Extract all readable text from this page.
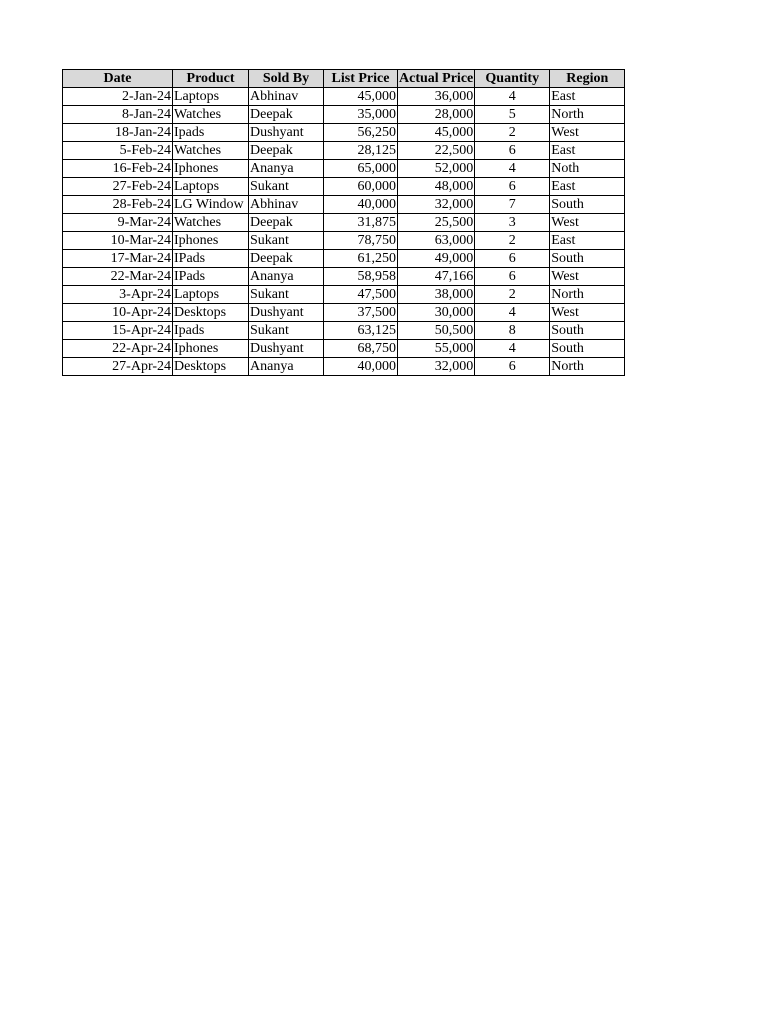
Date	Product	Sold By	List Price	Actual Price	Quantity	Region
2-Jan-24	Laptops	Abhinav	45,000	36,000	4	East
8-Jan-24	Watches	Deepak	35,000	28,000	5	North
18-Jan-24	Ipads	Dushyant	56,250	45,000	2	West
5-Feb-24	Watches	Deepak	28,125	22,500	6	East
16-Feb-24	Iphones	Ananya	65,000	52,000	4	Noth
27-Feb-24	Laptops	Sukant	60,000	48,000	6	East
28-Feb-24	LG Window	Abhinav	40,000	32,000	7	South
9-Mar-24	Watches	Deepak	31,875	25,500	3	West
10-Mar-24	Iphones	Sukant	78,750	63,000	2	East
17-Mar-24	IPads	Deepak	61,250	49,000	6	South
22-Mar-24	IPads	Ananya	58,958	47,166	6	West
3-Apr-24	Laptops	Sukant	47,500	38,000	2	North
10-Apr-24	Desktops	Dushyant	37,500	30,000	4	West
15-Apr-24	Ipads	Sukant	63,125	50,500	8	South
22-Apr-24	Iphones	Dushyant	68,750	55,000	4	South
27-Apr-24	Desktops	Ananya	40,000	32,000	6	North
